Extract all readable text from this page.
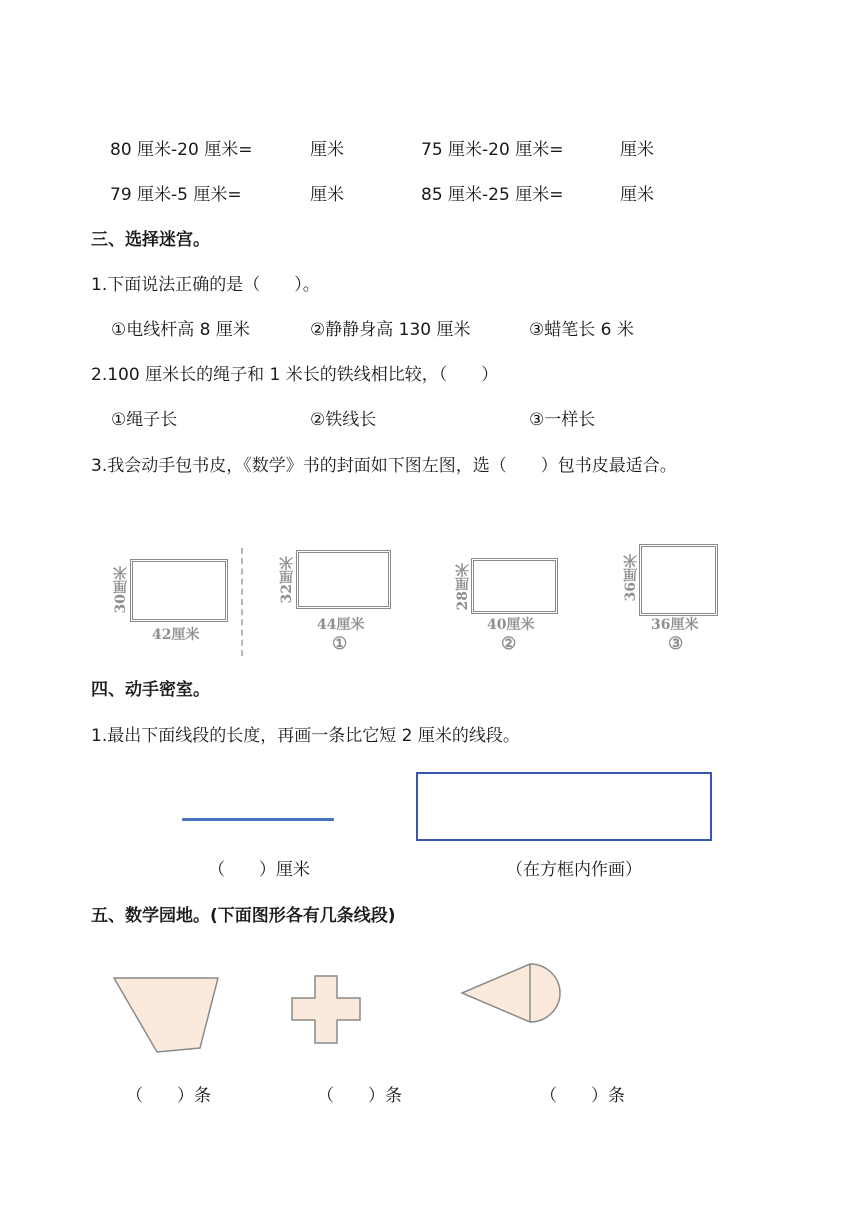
80 厘米-20 厘米=	厘米	75 厘米-20 厘米=	厘米
79 厘米-5 厘米=	厘米	85 厘米-25 厘米=	厘米
三、选择迷宫。
1.下面说法正确的是（　　）。
①电线杆高 8 厘米	②静静身高 130 厘米	③蜡笔长 6 米
2.100 厘米长的绳子和 1 米长的铁线相比较，（　　）
①绳子长	②铁线长	③一样长
3.我会动手包书皮，《数学》书的封面如下图左图，选（　　）包书皮最适合。
30厘米
42厘米
32厘米
44厘米
①
28厘米
40厘米
②
36厘米
36厘米
③
四、动手密室。
1.最出下面线段的长度，再画一条比它短 2 厘米的线段。
（　　）厘米	（在方框内作画）
五、数学园地。(下面图形各有几条线段)
（　　）条	（　　）条	（　　）条
